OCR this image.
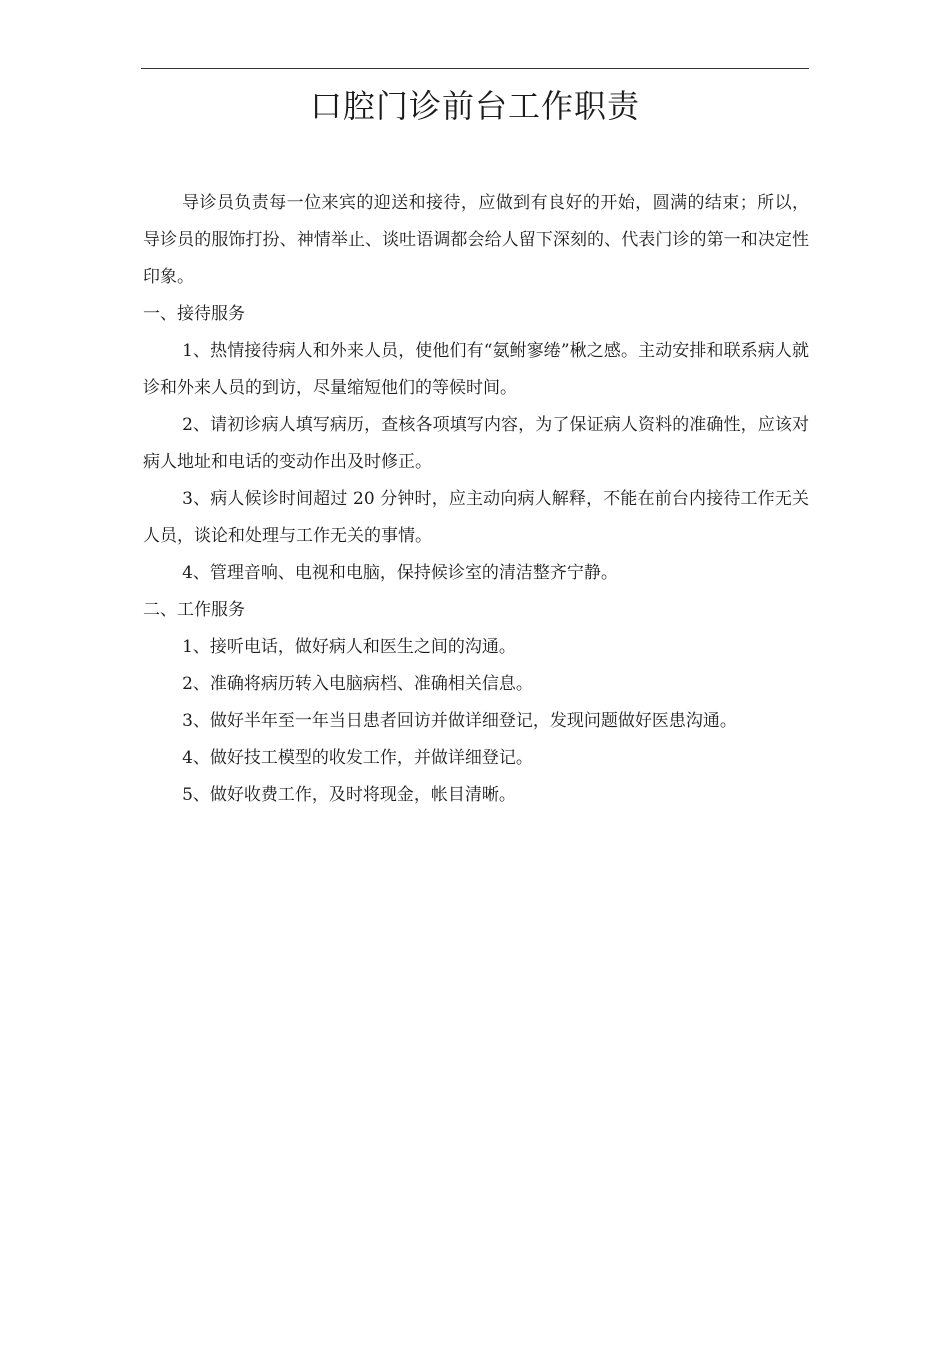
口腔门诊前台工作职责

导诊员负责每一位来宾的迎送和接待，应做到有良好的开始，圆满的结束；所以，导诊员的服饰打扮、神情举止、谈吐语调都会给人留下深刻的、代表门诊的第一和决定性印象。

一、接待服务

1、热情接待病人和外来人员，使他们有“氨鲋寥绻”楸之感。主动安排和联系病人就诊和外来人员的到访，尽量缩短他们的等候时间。

2、请初诊病人填写病历，查核各项填写内容，为了保证病人资料的准确性，应该对病人地址和电话的变动作出及时修正。

3、病人候诊时间超过 20 分钟时，应主动向病人解释，不能在前台内接待工作无关人员，谈论和处理与工作无关的事情。

4、管理音响、电视和电脑，保持候诊室的清洁整齐宁静。

二、工作服务

1、接听电话，做好病人和医生之间的沟通。

2、准确将病历转入电脑病档、准确相关信息。

3、做好半年至一年当日患者回访并做详细登记，发现问题做好医患沟通。

4、做好技工模型的收发工作，并做详细登记。

5、做好收费工作，及时将现金，帐目清晰。
